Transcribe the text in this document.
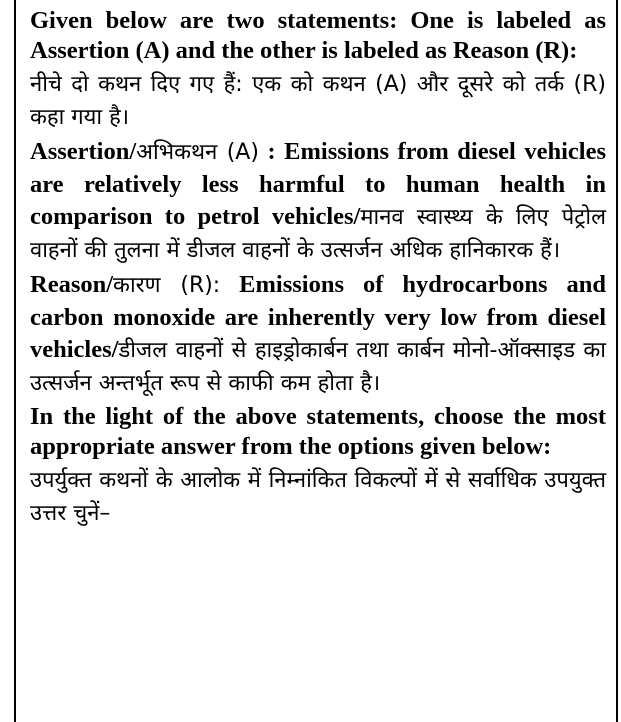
Given below are two statements: One is labeled as Assertion (A) and the other is labeled as Reason (R):

नीचे दो कथन दिए गए हैं: एक को कथन (A) और दूसरे को तर्क (R) कहा गया है।

Assertion/अभिकथन (A) : Emissions from diesel vehicles are relatively less harmful to human health in comparison to petrol vehicles/मानव स्वास्थ्य के लिए पेट्रोल वाहनों की तुलना में डीजल वाहनों के उत्सर्जन अधिक हानिकारक हैं।

Reason/कारण (R): Emissions of hydrocarbons and carbon monoxide are inherently very low from diesel vehicles/डीजल वाहनों से हाइड्रोकार्बन तथा कार्बन मोनो-ऑक्साइड का उत्सर्जन अन्तर्भूत रूप से काफी कम होता है।

In the light of the above statements, choose the most appropriate answer from the options given below:

उपर्युक्त कथनों के आलोक में निम्नांकित विकल्पों में से सर्वाधिक उपयुक्त उत्तर चुनें–
